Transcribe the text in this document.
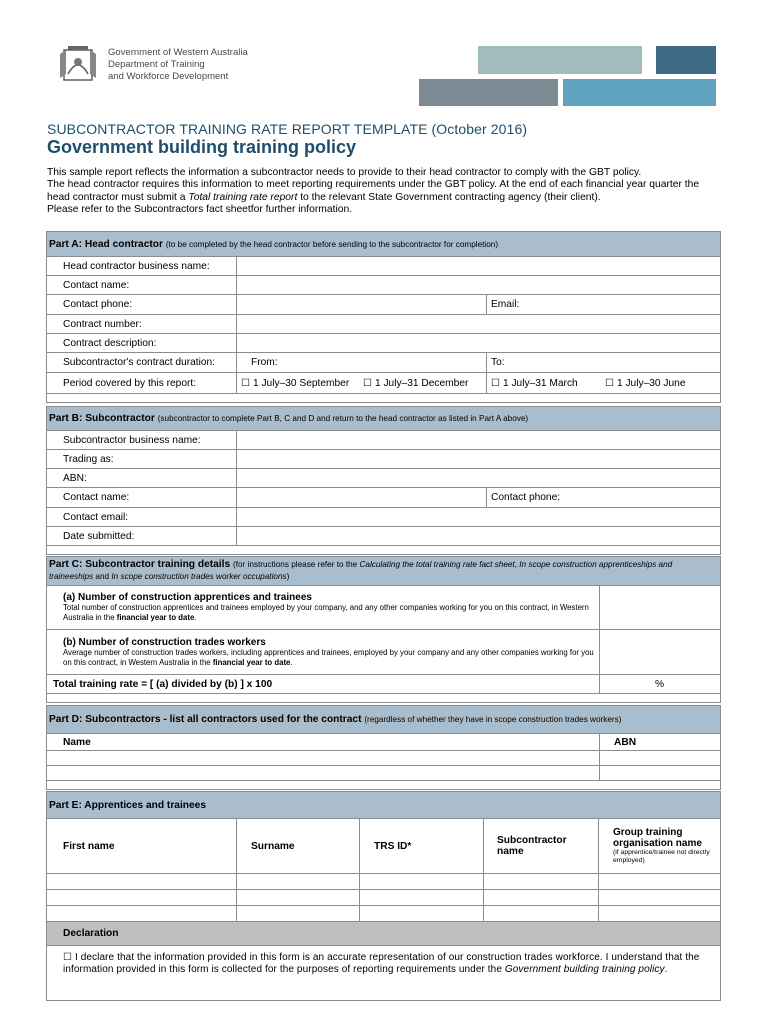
Government of Western Australia
Department of Training
and Workforce Development
SUBCONTRACTOR TRAINING RATE REPORT TEMPLATE (October 2016)
Government building training policy
This sample report reflects the information a subcontractor needs to provide to their head contractor to comply with the GBT policy.
The head contractor requires this information to meet reporting requirements under the GBT policy. At the end of each financial year quarter the head contractor must submit a Total training rate report to the relevant State Government contracting agency (their client).
Please refer to the Subcontractors fact sheetfor further information.
Part A: Head contractor (to be completed by the head contractor before sending to the subcontractor for completion)		
Head contractor business name:		
Contact name:		
Contact phone:		Email:
Contract number:		
Contract description:		
Subcontractor's contract duration:	From:	To:
Period covered by this report:	☐ 1 July–30 September ☐ 1 July–31 December	☐ 1 July–31 March ☐ 1 July–30 June

Part B: Subcontractor (subcontractor to complete Part B, C and D and return to the head contractor as listed in Part A above)		
Subcontractor business name:		
Trading as:		
ABN:		
Contact name:		Contact phone:
Contact email:		
Date submitted:		

Part C: Subcontractor training details (for instructions please refer to the Calculating the total training rate fact sheet, In scope construction apprenticeships and traineeships and In scope construction trades worker occupations)	

(a) Number of construction apprentices and trainees
Total number of construction apprentices and trainees employed by your company, and any other companies working for you on this contract, in Western Australia in the financial year to date.	

(b) Number of construction trades workers
Average number of construction trades workers, including apprentices and trainees, employed by your company and any other companies working for you on this contract, in Western Australia in the financial year to date.	

Total training rate = [ (a) divided by (b) ] x 100	%

Part D: Subcontractors - list all contractors used for the contract (regardless of whether they have in scope construction trades workers)	
Name	ABN

Part E: Apprentices and trainees				
First name	Surname	TRS ID*	Subcontractor name	Group training organisation name
(if apprentice/trainee not directly employed)

Declaration
☐ I declare that the information provided in this form is an accurate representation of our construction trades workforce. I understand that the information provided in this form is collected for the purposes of reporting requirements under the Government building training policy.
